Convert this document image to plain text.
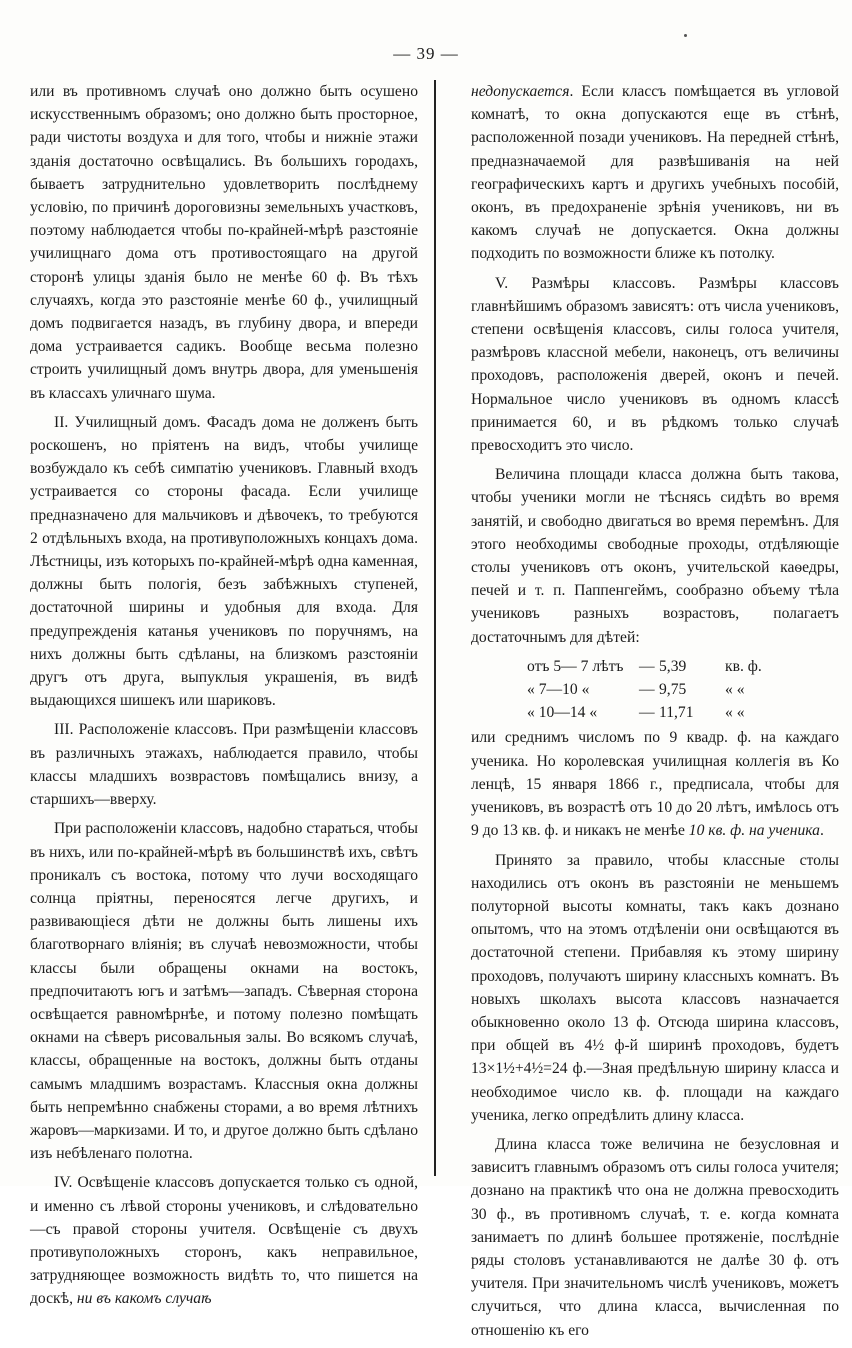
— 39 —

или въ противномъ случаѣ оно должно быть осушено искусственнымъ образомъ; оно должно быть просторное, ради чистоты воздуха и для того, чтобы и нижніе этажи зданія достаточно освѣщались. Въ большихъ городахъ, бываетъ затруднительно удовлетворить послѣднему условію, по причинѣ дороговизны земельныхъ участковъ, поэтому наблюдается чтобы по-крайней-мѣрѣ разстояніе училищнаго дома отъ противостоящаго на другой сторонѣ улицы зданія было не менѣе 60 ф. Въ тѣхъ случаяхъ, когда это разстояніе менѣе 60 ф., училищный домъ подвигается назадъ, въ глубину двора, и впереди дома устраивается садикъ. Вообще весьма полезно строить училищный домъ внутрь двора, для уменьшенія въ классахъ уличнаго шума.

II. Училищный домъ. Фасадъ дома не долженъ быть роскошенъ, но пріятенъ на видъ, чтобы училище возбуждало къ себѣ симпатію учениковъ. Главный входъ устраивается со стороны фасада. Если училище предназначено для мальчиковъ и дѣвочекъ, то требуются 2 отдѣльныхъ входа, на противуположныхъ концахъ дома. Лѣстницы, изъ которыхъ по-крайней-мѣрѣ одна каменная, должны быть пологія, безъ забѣжныхъ ступеней, достаточной ширины и удобныя для входа. Для предупрежденія катанья учениковъ по поручнямъ, на нихъ должны быть сдѣланы, на близкомъ разстояніи другъ отъ друга, выпуклыя украшенія, въ видѣ выдающихся шишекъ или шариковъ.

III. Расположеніе классовъ. При размѣщеніи классовъ въ различныхъ этажахъ, наблюдается правило, чтобы классы младшихъ возврастовъ помѣщались внизу, а старшихъ—вверху.

При расположеніи классовъ, надобно стараться, чтобы въ нихъ, или по-крайней-мѣрѣ въ большинствѣ ихъ, свѣтъ проникалъ съ востока, потому что лучи восходящаго солнца пріятны, переносятся легче другихъ, и развивающіеся дѣти не должны быть лишены ихъ благотворнаго вліянія; въ случаѣ невозможности, чтобы классы были обращены окнами на востокъ, предпочитаютъ югъ и затѣмъ—западъ. Сѣверная сторона освѣщается равномѣрнѣе, и потому полезно помѣщать окнами на сѣверъ рисовальныя залы. Во всякомъ случаѣ, классы, обращенные на востокъ, должны быть отданы самымъ младшимъ возрастамъ. Классныя окна должны быть непремѣнно снабжены сторами, а во время лѣтнихъ жаровъ—маркизами. И то, и другое должно быть сдѣлано изъ небѣленаго полотна.

IV. Освѣщеніе классовъ допускается только съ одной, и именно съ лѣвой стороны учениковъ, и слѣдовательно—съ правой стороны учителя. Освѣщеніе съ двухъ противуположныхъ сторонъ, какъ неправильное, затрудняющее возможность видѣть то, что пишется на доскѣ, ни въ какомъ случаѣ

недопускается. Если классъ помѣщается въ угловой комнатѣ, то окна допускаются еще въ стѣнѣ, расположенной позади учениковъ. На передней стѣнѣ, предназначаемой для развѣшиванія на ней географическихъ картъ и другихъ учебныхъ пособій, оконъ, въ предохраненіе зрѣнія учениковъ, ни въ какомъ случаѣ не допускается. Окна должны подходить по возможности ближе къ потолку.

V. Размѣры классовъ. Размѣры классовъ главнѣйшимъ образомъ зависятъ: отъ числа учениковъ, степени освѣщенія классовъ, силы голоса учителя, размѣровъ классной мебели, наконецъ, отъ величины проходовъ, расположенія дверей, оконъ и печей. Нормальное число учениковъ въ одномъ классѣ принимается 60, и въ рѣдкомъ только случаѣ превосходитъ это число.

Величина площади класса должна быть такова, чтобы ученики могли не тѣснясь сидѣть во время занятій, и свободно двигаться во время перемѣнъ. Для этого необходимы свободные проходы, отдѣляющіе столы учениковъ отъ оконъ, учительской каѳедры, печей и т. п. Паппенгеймъ, сообразно объему тѣла учениковъ разныхъ возрастовъ, полагаетъ достаточнымъ для дѣтей:

отъ 5— 7 лѣтъ — 5,39	кв. ф.
« 7—10 «	— 9,75	« «
« 10—14 «	— 11,71	« «

или среднимъ числомъ по 9 квадр. ф. на каждаго ученика. Но королевская училищная коллегія въ Ко ленцѣ, 15 января 1866 г., предписала, чтобы для учениковъ, въ возрастѣ отъ 10 до 20 лѣтъ, имѣлось отъ 9 до 13 кв. ф. и никакъ не менѣе 10 кв. ф. на ученика.

Принято за правило, чтобы классные столы находились отъ оконъ въ разстояніи не меньшемъ полуторной высоты комнаты, такъ какъ дознано опытомъ, что на этомъ отдѣленіи они освѣщаются въ достаточной степени. Прибавляя къ этому ширину проходовъ, получаютъ ширину классныхъ комнатъ. Въ новыхъ школахъ высота классовъ назначается обыкновенно около 13 ф. Отсюда ширина классовъ, при общей въ 4½ ф-й ширинѣ проходовъ, будетъ 13×1½+4½=24 ф.—Зная предѣльную ширину класса и необходимое число кв. ф. площади на каждаго ученика, легко опредѣлить длину класса.

Длина класса тоже величина не безусловная и зависитъ главнымъ образомъ отъ силы голоса учителя; дознано на практикѣ что она не должна превосходить 30 ф., въ противномъ случаѣ, т. е. когда комната занимаетъ по длинѣ большее протяженіе, послѣдніе ряды столовъ устанавливаются не далѣе 30 ф. отъ учителя. При значительномъ числѣ учениковъ, можетъ случиться, что длина класса, вычисленная по отношенію къ его
